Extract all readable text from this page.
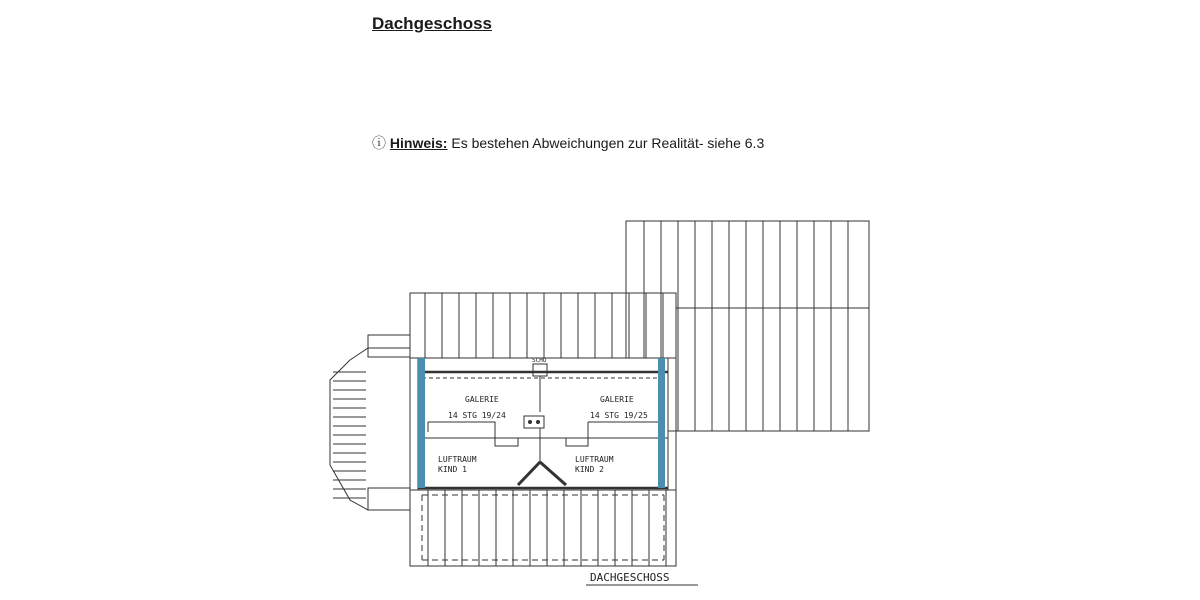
Dachgeschoss
ⓘ Hinweis: Es bestehen Abweichungen zur Realität- siehe 6.3
SCHO
GALERIE	GALERIE
14 STG 19/24	14 STG 19/25
LUFTRAUM
KIND 1
LUFTRAUM
KIND 2
DACHGESCHOSS
